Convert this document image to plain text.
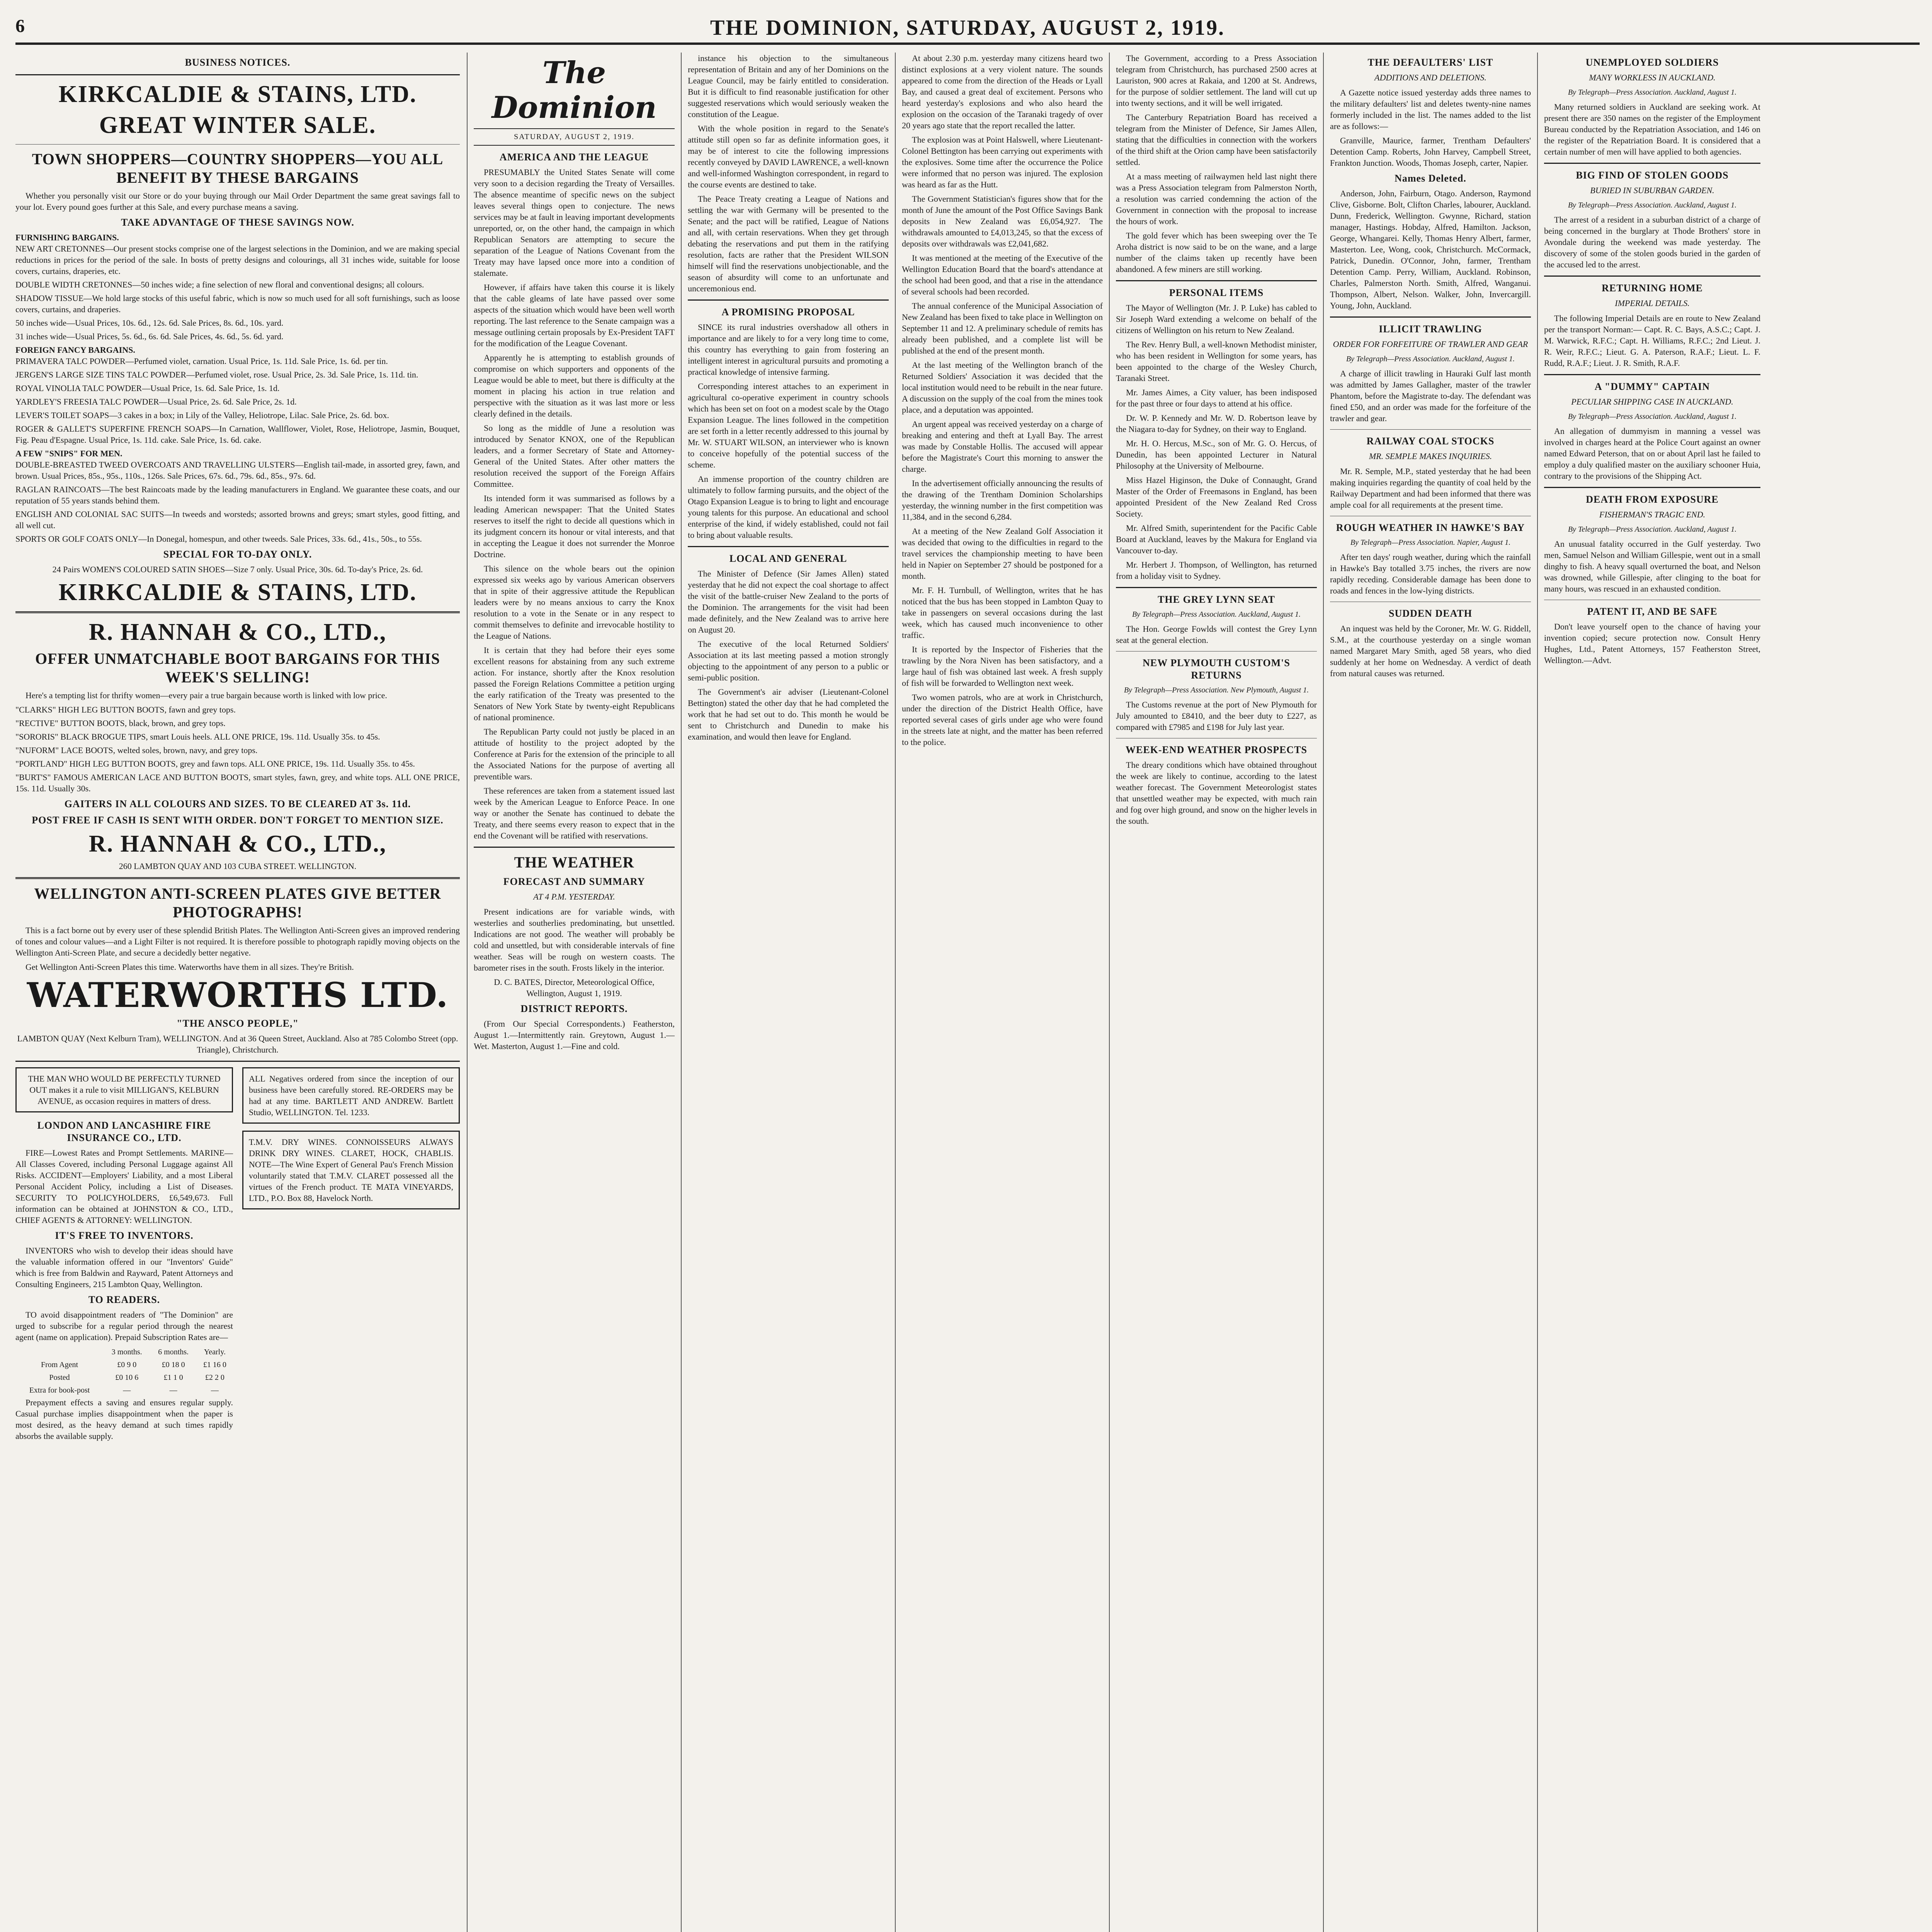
6	THE DOMINION, SATURDAY, AUGUST 2, 1919.
BUSINESS NOTICES.
KIRKCALDIE & STAINS, LTD.
GREAT WINTER SALE.
TOWN SHOPPERS—COUNTRY SHOPPERS—YOU ALL BENEFIT BY THESE BARGAINS

Whether you personally visit our Store or do your buying through our Mail Order Department the same great savings fall to your lot. Every pound goes further at this Sale, and every purchase means a saving.

TAKE ADVANTAGE OF THESE SAVINGS NOW.
FURNISHING BARGAINS.

NEW ART CRETONNES—Our present stocks comprise one of the largest selections in the Dominion, and we are making special reductions in prices for the period of the sale. In bosts of pretty designs and colourings, all 31 inches wide, suitable for loose covers, curtains, draperies, etc.

DOUBLE WIDTH CRETONNES—50 inches wide; a fine selection of new floral and conventional designs; all colours.

SHADOW TISSUE—We hold large stocks of this useful fabric, which is now so much used for all soft furnishings, such as loose covers, curtains, and draperies.

50 inches wide—Usual Prices, 10s. 6d., 12s. 6d. Sale Prices, 8s. 6d., 10s. yard.

31 inches wide—Usual Prices, 5s. 6d., 6s. 6d. Sale Prices, 4s. 6d., 5s. 6d. yard.

FOREIGN FANCY BARGAINS.

PRIMAVERA TALC POWDER—Perfumed violet, carnation. Usual Price, 1s. 11d. Sale Price, 1s. 6d. per tin.

JERGEN'S LARGE SIZE TINS TALC POWDER—Perfumed violet, rose. Usual Price, 2s. 3d. Sale Price, 1s. 11d. tin.

ROYAL VINOLIA TALC POWDER—Usual Price, 1s. 6d. Sale Price, 1s. 1d.

YARDLEY'S FREESIA TALC POWDER—Usual Price, 2s. 6d. Sale Price, 2s. 1d.

LEVER'S TOILET SOAPS—3 cakes in a box; in Lily of the Valley, Heliotrope, Lilac. Sale Price, 2s. 6d. box.

ROGER & GALLET'S SUPERFINE FRENCH SOAPS—In Carnation, Wallflower, Violet, Rose, Heliotrope, Jasmin, Bouquet, Fig. Peau d'Espagne. Usual Price, 1s. 11d. cake. Sale Price, 1s. 6d. cake.

A FEW "SNIPS" FOR MEN.

DOUBLE-BREASTED TWEED OVERCOATS AND TRAVELLING ULSTERS—English tail-made, in assorted grey, fawn, and brown. Usual Prices, 85s., 95s., 110s., 126s. Sale Prices, 67s. 6d., 79s. 6d., 85s., 97s. 6d.

RAGLAN RAINCOATS—The best Raincoats made by the leading manufacturers in England. We guarantee these coats, and our reputation of 55 years stands behind them.

ENGLISH AND COLONIAL SAC SUITS—In tweeds and worsteds; assorted browns and greys; smart styles, good fitting, and all well cut.

SPORTS OR GOLF COATS ONLY—In Donegal, homespun, and other tweeds. Sale Prices, 33s. 6d., 41s., 50s., to 55s.

SPECIAL FOR TO-DAY ONLY.
24 Pairs WOMEN'S COLOURED SATIN SHOES—Size 7 only. Usual Price, 30s. 6d. To-day's Price, 2s. 6d.
KIRKCALDIE & STAINS, LTD.
R. HANNAH & CO., LTD.,
OFFER UNMATCHABLE BOOT BARGAINS FOR THIS WEEK'S SELLING!

Here's a tempting list for thrifty women—every pair a true bargain because worth is linked with low price.

"CLARKS" HIGH LEG BUTTON BOOTS, fawn and grey tops.

"RECTIVE" BUTTON BOOTS, black, brown, and grey tops.

"SORORIS" BLACK BROGUE TIPS, smart Louis heels. ALL ONE PRICE, 19s. 11d. Usually 35s. to 45s.

"NUFORM" LACE BOOTS, welted soles, brown, navy, and grey tops.

"PORTLAND" HIGH LEG BUTTON BOOTS, grey and fawn tops. ALL ONE PRICE, 19s. 11d. Usually 35s. to 45s.

"BURT'S" FAMOUS AMERICAN LACE AND BUTTON BOOTS, smart styles, fawn, grey, and white tops. ALL ONE PRICE, 15s. 11d. Usually 30s.

GAITERS IN ALL COLOURS AND SIZES. TO BE CLEARED AT 3s. 11d.
POST FREE IF CASH IS SENT WITH ORDER. DON'T FORGET TO MENTION SIZE.
R. HANNAH & CO., LTD.,
260 LAMBTON QUAY AND 103 CUBA STREET. WELLINGTON.
WELLINGTON ANTI-SCREEN PLATES GIVE BETTER PHOTOGRAPHS!

This is a fact borne out by every user of these splendid British Plates. The Wellington Anti-Screen gives an improved rendering of tones and colour values—and a Light Filter is not required. It is therefore possible to photograph rapidly moving objects on the Wellington Anti-Screen Plate, and secure a decidedly better negative.

Get Wellington Anti-Screen Plates this time. Waterworths have them in all sizes. They're British.

WATERWORTHS LTD.
"THE ANSCO PEOPLE,"
LAMBTON QUAY (Next Kelburn Tram), WELLINGTON. And at 36 Queen Street, Auckland. Also at 785 Colombo Street (opp. Triangle), Christchurch.
THE MAN WHO WOULD BE PERFECTLY TURNED OUT makes it a rule to visit MILLIGAN'S, KELBURN AVENUE, as occasion requires in matters of dress.
LONDON AND LANCASHIRE FIRE INSURANCE CO., LTD.

FIRE—Lowest Rates and Prompt Settlements. MARINE—All Classes Covered, including Personal Luggage against All Risks. ACCIDENT—Employers' Liability, and a most Liberal Personal Accident Policy, including a List of Diseases. SECURITY TO POLICYHOLDERS, £6,549,673. Full information can be obtained at JOHNSTON & CO., LTD., CHIEF AGENTS & ATTORNEY: WELLINGTON.

IT'S FREE TO INVENTORS.

INVENTORS who wish to develop their ideas should have the valuable information offered in our "Inventors' Guide" which is free from Baldwin and Rayward, Patent Attorneys and Consulting Engineers, 215 Lambton Quay, Wellington.

TO READERS.

TO avoid disappointment readers of "The Dominion" are urged to subscribe for a regular period through the nearest agent (name on application). Prepaid Subscription Rates are—

	3 months.	6 months.	Yearly.
From Agent	£0 9 0	£0 18 0	£1 16 0
Posted	£0 10 6	£1 1 0	£2 2 0
Extra for book-post	—	—	—

Prepayment effects a saving and ensures regular supply. Casual purchase implies disappointment when the paper is most desired, as the heavy demand at such times rapidly absorbs the available supply.

ALL Negatives ordered from since the inception of our business have been carefully stored. RE-ORDERS may be had at any time. BARTLETT AND ANDREW. Bartlett Studio, WELLINGTON. Tel. 1233.
T.M.V. DRY WINES. CONNOISSEURS ALWAYS DRINK DRY WINES. CLARET, HOCK, CHABLIS. NOTE—The Wine Expert of General Pau's French Mission voluntarily stated that T.M.V. CLARET possessed all the virtues of the French product. TE MATA VINEYARDS, LTD., P.O. Box 88, Havelock North.
The Dominion
SATURDAY, AUGUST 2, 1919.
AMERICA AND THE LEAGUE

PRESUMABLY the United States Senate will come very soon to a decision regarding the Treaty of Versailles. The absence meantime of specific news on the subject leaves several things open to conjecture. The news services may be at fault in leaving important developments unreported, or, on the other hand, the campaign in which Republican Senators are attempting to secure the separation of the League of Nations Covenant from the Treaty may have lapsed once more into a condition of stalemate.

However, if affairs have taken this course it is likely that the cable gleams of late have passed over some aspects of the situation which would have been well worth reporting. The last reference to the Senate campaign was a message outlining certain proposals by Ex-President TAFT for the modification of the League Covenant.

Apparently he is attempting to establish grounds of compromise on which supporters and opponents of the League would be able to meet, but there is difficulty at the moment in placing his action in true relation and perspective with the situation as it was last more or less clearly defined in the details.

So long as the middle of June a resolution was introduced by Senator KNOX, one of the Republican leaders, and a former Secretary of State and Attorney-General of the United States. After other matters the resolution received the support of the Foreign Affairs Committee.

Its intended form it was summarised as follows by a leading American newspaper: That the United States reserves to itself the right to decide all questions which in its judgment concern its honour or vital interests, and that in accepting the League it does not surrender the Monroe Doctrine.

This silence on the whole bears out the opinion expressed six weeks ago by various American observers that in spite of their aggressive attitude the Republican leaders were by no means anxious to carry the Knox resolution to a vote in the Senate or in any respect to commit themselves to definite and irrevocable hostility to the League of Nations.

It is certain that they had before their eyes some excellent reasons for abstaining from any such extreme action. For instance, shortly after the Knox resolution passed the Foreign Relations Committee a petition urging the early ratification of the Treaty was presented to the Senators of New York State by twenty-eight Republicans of national prominence.

The Republican Party could not justly be placed in an attitude of hostility to the project adopted by the Conference at Paris for the extension of the principle to all the Associated Nations for the purpose of averting all preventible wars.

These references are taken from a statement issued last week by the American League to Enforce Peace. In one way or another the Senate has continued to debate the Treaty, and there seems every reason to expect that in the end the Covenant will be ratified with reservations.

THE WEATHER
FORECAST AND SUMMARY
AT 4 P.M. YESTERDAY.

Present indications are for variable winds, with westerlies and southerlies predominating, but unsettled. Indications are not good. The weather will probably be cold and unsettled, but with considerable intervals of fine weather. Seas will be rough on western coasts. The barometer rises in the south. Frosts likely in the interior.

D. C. BATES, Director, Meteorological Office, Wellington, August 1, 1919.
DISTRICT REPORTS.

(From Our Special Correspondents.) Featherston, August 1.—Intermittently rain. Greytown, August 1.—Wet. Masterton, August 1.—Fine and cold.

instance his objection to the simultaneous representation of Britain and any of her Dominions on the League Council, may be fairly entitled to consideration. But it is difficult to find reasonable justification for other suggested reservations which would seriously weaken the constitution of the League.

With the whole position in regard to the Senate's attitude still open so far as definite information goes, it may be of interest to cite the following impressions recently conveyed by DAVID LAWRENCE, a well-known and well-informed Washington correspondent, in regard to the course events are destined to take.

The Peace Treaty creating a League of Nations and settling the war with Germany will be presented to the Senate; and the pact will be ratified, League of Nations and all, with certain reservations. When they get through debating the reservations and put them in the ratifying resolution, facts are rather that the President WILSON himself will find the reservations unobjectionable, and the season of absurdity will come to an unfortunate and unceremonious end.

A PROMISING PROPOSAL

SINCE its rural industries overshadow all others in importance and are likely to for a very long time to come, this country has everything to gain from fostering an intelligent interest in agricultural pursuits and promoting a practical knowledge of intensive farming.

Corresponding interest attaches to an experiment in agricultural co-operative experiment in country schools which has been set on foot on a modest scale by the Otago Expansion League. The lines followed in the competition are set forth in a letter recently addressed to this journal by Mr. W. STUART WILSON, an interviewer who is known to conceive hopefully of the potential success of the scheme.

An immense proportion of the country children are ultimately to follow farming pursuits, and the object of the Otago Expansion League is to bring to light and encourage young talents for this purpose. An educational and school enterprise of the kind, if widely established, could not fail to bring about valuable results.

LOCAL AND GENERAL

The Minister of Defence (Sir James Allen) stated yesterday that he did not expect the coal shortage to affect the visit of the battle-cruiser New Zealand to the ports of the Dominion. The arrangements for the visit had been made definitely, and the New Zealand was to arrive here on August 20.

The executive of the local Returned Soldiers' Association at its last meeting passed a motion strongly objecting to the appointment of any person to a public or semi-public position.

The Government's air adviser (Lieutenant-Colonel Bettington) stated the other day that he had completed the work that he had set out to do. This month he would be sent to Christchurch and Dunedin to make his examination, and would then leave for England.

At about 2.30 p.m. yesterday many citizens heard two distinct explosions at a very violent nature. The sounds appeared to come from the direction of the Heads or Lyall Bay, and caused a great deal of excitement. Persons who heard yesterday's explosions and who also heard the explosion on the occasion of the Taranaki tragedy of over 20 years ago state that the report recalled the latter.

The explosion was at Point Halswell, where Lieutenant-Colonel Bettington has been carrying out experiments with the explosives. Some time after the occurrence the Police were informed that no person was injured. The explosion was heard as far as the Hutt.

The Government Statistician's figures show that for the month of June the amount of the Post Office Savings Bank deposits in New Zealand was £6,054,927. The withdrawals amounted to £4,013,245, so that the excess of deposits over withdrawals was £2,041,682.

It was mentioned at the meeting of the Executive of the Wellington Education Board that the board's attendance at the school had been good, and that a rise in the attendance of several schools had been recorded.

The annual conference of the Municipal Association of New Zealand has been fixed to take place in Wellington on September 11 and 12. A preliminary schedule of remits has already been published, and a complete list will be published at the end of the present month.

At the last meeting of the Wellington branch of the Returned Soldiers' Association it was decided that the local institution would need to be rebuilt in the near future. A discussion on the supply of the coal from the mines took place, and a deputation was appointed.

An urgent appeal was received yesterday on a charge of breaking and entering and theft at Lyall Bay. The arrest was made by Constable Hollis. The accused will appear before the Magistrate's Court this morning to answer the charge.

In the advertisement officially announcing the results of the drawing of the Trentham Dominion Scholarships yesterday, the winning number in the first competition was 11,384, and in the second 6,284.

At a meeting of the New Zealand Golf Association it was decided that owing to the difficulties in regard to the travel services the championship meeting to have been held in Napier on September 27 should be postponed for a month.

Mr. F. H. Turnbull, of Wellington, writes that he has noticed that the bus has been stopped in Lambton Quay to take in passengers on several occasions during the last week, which has caused much inconvenience to other traffic.

It is reported by the Inspector of Fisheries that the trawling by the Nora Niven has been satisfactory, and a large haul of fish was obtained last week. A fresh supply of fish will be forwarded to Wellington next week.

Two women patrols, who are at work in Christchurch, under the direction of the District Health Office, have reported several cases of girls under age who were found in the streets late at night, and the matter has been referred to the police.

The Government, according to a Press Association telegram from Christchurch, has purchased 2500 acres at Lauriston, 900 acres at Rakaia, and 1200 at St. Andrews, for the purpose of soldier settlement. The land will cut up into twenty sections, and it will be well irrigated.

The Canterbury Repatriation Board has received a telegram from the Minister of Defence, Sir James Allen, stating that the difficulties in connection with the workers of the third shift at the Orion camp have been satisfactorily settled.

At a mass meeting of railwaymen held last night there was a Press Association telegram from Palmerston North, a resolution was carried condemning the action of the Government in connection with the proposal to increase the hours of work.

The gold fever which has been sweeping over the Te Aroha district is now said to be on the wane, and a large number of the claims taken up recently have been abandoned. A few miners are still working.

PERSONAL ITEMS

The Mayor of Wellington (Mr. J. P. Luke) has cabled to Sir Joseph Ward extending a welcome on behalf of the citizens of Wellington on his return to New Zealand.

The Rev. Henry Bull, a well-known Methodist minister, who has been resident in Wellington for some years, has been appointed to the charge of the Wesley Church, Taranaki Street.

Mr. James Aimes, a City valuer, has been indisposed for the past three or four days to attend at his office.

Dr. W. P. Kennedy and Mr. W. D. Robertson leave by the Niagara to-day for Sydney, on their way to England.

Mr. H. O. Hercus, M.Sc., son of Mr. G. O. Hercus, of Dunedin, has been appointed Lecturer in Natural Philosophy at the University of Melbourne.

Miss Hazel Higinson, the Duke of Connaught, Grand Master of the Order of Freemasons in England, has been appointed President of the New Zealand Red Cross Society.

Mr. Alfred Smith, superintendent for the Pacific Cable Board at Auckland, leaves by the Makura for England via Vancouver to-day.

Mr. Herbert J. Thompson, of Wellington, has returned from a holiday visit to Sydney.

THE GREY LYNN SEAT
By Telegraph—Press Association. Auckland, August 1.

The Hon. George Fowlds will contest the Grey Lynn seat at the general election.

NEW PLYMOUTH CUSTOM'S RETURNS
By Telegraph—Press Association. New Plymouth, August 1.

The Customs revenue at the port of New Plymouth for July amounted to £8410, and the beer duty to £227, as compared with £7985 and £198 for July last year.

WEEK-END WEATHER PROSPECTS

The dreary conditions which have obtained throughout the week are likely to continue, according to the latest weather forecast. The Government Meteorologist states that unsettled weather may be expected, with much rain and fog over high ground, and snow on the higher levels in the south.

THE DEFAULTERS' LIST
ADDITIONS AND DELETIONS.

A Gazette notice issued yesterday adds three names to the military defaulters' list and deletes twenty-nine names formerly included in the list. The names added to the list are as follows:—

Granville, Maurice, farmer, Trentham Defaulters' Detention Camp. Roberts, John Harvey, Campbell Street, Frankton Junction. Woods, Thomas Joseph, carter, Napier.

Names Deleted.

Anderson, John, Fairburn, Otago. Anderson, Raymond Clive, Gisborne. Bolt, Clifton Charles, labourer, Auckland. Dunn, Frederick, Wellington. Gwynne, Richard, station manager, Hastings. Hobday, Alfred, Hamilton. Jackson, George, Whangarei. Kelly, Thomas Henry Albert, farmer, Masterton. Lee, Wong, cook, Christchurch. McCormack, Patrick, Dunedin. O'Connor, John, farmer, Trentham Detention Camp. Perry, William, Auckland. Robinson, Charles, Palmerston North. Smith, Alfred, Wanganui. Thompson, Albert, Nelson. Walker, John, Invercargill. Young, John, Auckland.

ILLICIT TRAWLING
ORDER FOR FORFEITURE OF TRAWLER AND GEAR
By Telegraph—Press Association. Auckland, August 1.

A charge of illicit trawling in Hauraki Gulf last month was admitted by James Gallagher, master of the trawler Phantom, before the Magistrate to-day. The defendant was fined £50, and an order was made for the forfeiture of the trawler and gear.

RAILWAY COAL STOCKS
MR. SEMPLE MAKES INQUIRIES.

Mr. R. Semple, M.P., stated yesterday that he had been making inquiries regarding the quantity of coal held by the Railway Department and had been informed that there was ample coal for all requirements at the present time.

ROUGH WEATHER IN HAWKE'S BAY
By Telegraph—Press Association. Napier, August 1.

After ten days' rough weather, during which the rainfall in Hawke's Bay totalled 3.75 inches, the rivers are now rapidly receding. Considerable damage has been done to roads and fences in the low-lying districts.

SUDDEN DEATH

An inquest was held by the Coroner, Mr. W. G. Riddell, S.M., at the courthouse yesterday on a single woman named Margaret Mary Smith, aged 58 years, who died suddenly at her home on Wednesday. A verdict of death from natural causes was returned.

UNEMPLOYED SOLDIERS
MANY WORKLESS IN AUCKLAND.
By Telegraph—Press Association. Auckland, August 1.

Many returned soldiers in Auckland are seeking work. At present there are 350 names on the register of the Employment Bureau conducted by the Repatriation Association, and 146 on the register of the Repatriation Board. It is considered that a certain number of men will have applied to both agencies.

BIG FIND OF STOLEN GOODS
BURIED IN SUBURBAN GARDEN.
By Telegraph—Press Association. Auckland, August 1.

The arrest of a resident in a suburban district of a charge of being concerned in the burglary at Thode Brothers' store in Avondale during the weekend was made yesterday. The discovery of some of the stolen goods buried in the garden of the accused led to the arrest.

RETURNING HOME
IMPERIAL DETAILS.

The following Imperial Details are en route to New Zealand per the transport Norman:— Capt. R. C. Bays, A.S.C.; Capt. J. M. Warwick, R.F.C.; Capt. H. Williams, R.F.C.; 2nd Lieut. J. R. Weir, R.F.C.; Lieut. G. A. Paterson, R.A.F.; Lieut. L. F. Rudd, R.A.F.; Lieut. J. R. Smith, R.A.F.

A "DUMMY" CAPTAIN
PECULIAR SHIPPING CASE IN AUCKLAND.
By Telegraph—Press Association. Auckland, August 1.

An allegation of dummyism in manning a vessel was involved in charges heard at the Police Court against an owner named Edward Peterson, that on or about April last he failed to employ a duly qualified master on the auxiliary schooner Huia, contrary to the provisions of the Shipping Act.

DEATH FROM EXPOSURE
FISHERMAN'S TRAGIC END.
By Telegraph—Press Association. Auckland, August 1.

An unusual fatality occurred in the Gulf yesterday. Two men, Samuel Nelson and William Gillespie, went out in a small dinghy to fish. A heavy squall overturned the boat, and Nelson was drowned, while Gillespie, after clinging to the boat for many hours, was rescued in an exhausted condition.

PATENT IT, AND BE SAFE

Don't leave yourself open to the chance of having your invention copied; secure protection now. Consult Henry Hughes, Ltd., Patent Attorneys, 157 Featherston Street, Wellington.—Advt.
